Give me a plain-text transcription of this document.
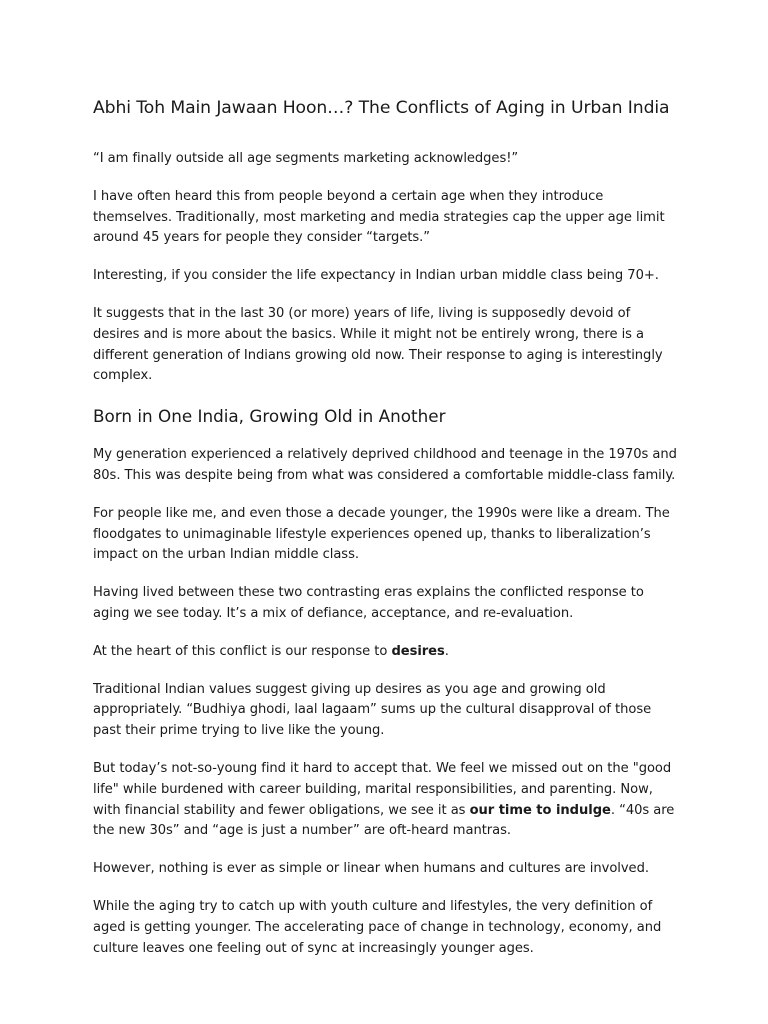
Abhi Toh Main Jawaan Hoon…? The Conflicts of Aging in Urban India

“I am finally outside all age segments marketing acknowledges!”

I have often heard this from people beyond a certain age when they introduce themselves. Traditionally, most marketing and media strategies cap the upper age limit around 45 years for people they consider “targets.”

Interesting, if you consider the life expectancy in Indian urban middle class being 70+.

It suggests that in the last 30 (or more) years of life, living is supposedly devoid of desires and is more about the basics. While it might not be entirely wrong, there is a different generation of Indians growing old now. Their response to aging is interestingly complex.

Born in One India, Growing Old in Another

My generation experienced a relatively deprived childhood and teenage in the 1970s and 80s. This was despite being from what was considered a comfortable middle-class family.

For people like me, and even those a decade younger, the 1990s were like a dream. The floodgates to unimaginable lifestyle experiences opened up, thanks to liberalization’s impact on the urban Indian middle class.

Having lived between these two contrasting eras explains the conflicted response to aging we see today. It’s a mix of defiance, acceptance, and re-evaluation.

At the heart of this conflict is our response to desires.

Traditional Indian values suggest giving up desires as you age and growing old appropriately. “Budhiya ghodi, laal lagaam” sums up the cultural disapproval of those past their prime trying to live like the young.

But today’s not-so-young find it hard to accept that. We feel we missed out on the "good life" while burdened with career building, marital responsibilities, and parenting. Now, with financial stability and fewer obligations, we see it as our time to indulge. “40s are the new 30s” and “age is just a number” are oft-heard mantras.

However, nothing is ever as simple or linear when humans and cultures are involved.

While the aging try to catch up with youth culture and lifestyles, the very definition of aged is getting younger. The accelerating pace of change in technology, economy, and culture leaves one feeling out of sync at increasingly younger ages.
